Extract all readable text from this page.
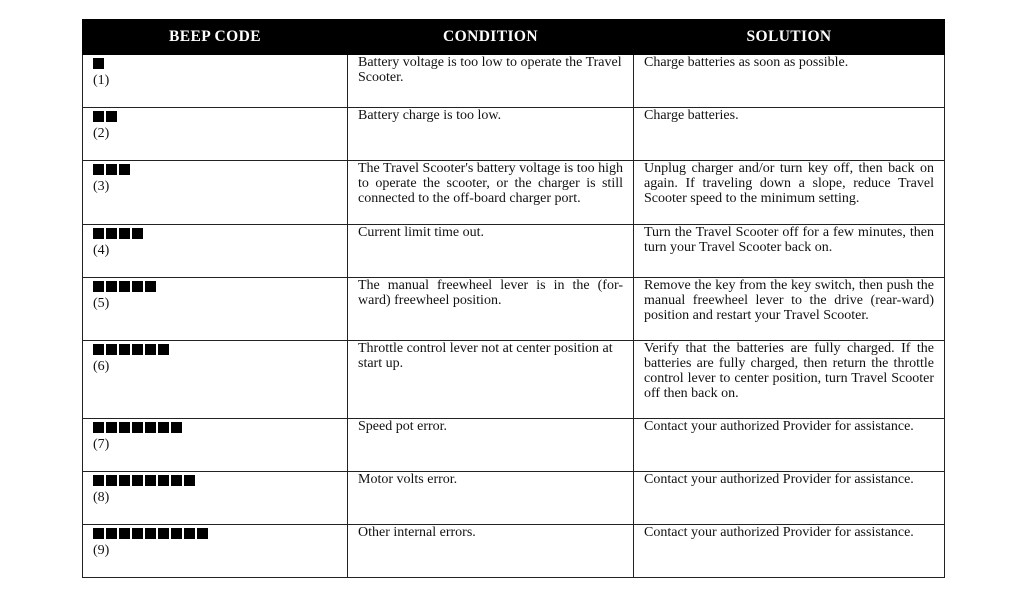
BEEP CODE	CONDITION	SOLUTION

(1)	Battery voltage is too low to operate the Travel Scooter.	Charge batteries as soon as possible.

(2)	Battery charge is too low.	Charge batteries.

(3)	The Travel Scooter's battery voltage is too high to operate the scooter, or the charger is still connected to the off-board charger port.	Unplug charger and/or turn key off, then back on again. If traveling down a slope, reduce Travel Scooter speed to the minimum setting.

(4)	Current limit time out.	Turn the Travel Scooter off for a few minutes, then turn your Travel Scooter back on.

(5)	The manual freewheel lever is in the (for-ward) freewheel position.	Remove the key from the key switch, then push the manual freewheel lever to the drive (rear-ward) position and restart your Travel Scooter.

(6)	Throttle control lever not at center position at start up.	Verify that the batteries are fully charged. If the batteries are fully charged, then return the throttle control lever to center position, turn Travel Scooter off then back on.

(7)	Speed pot error.	Contact your authorized Provider for assistance.

(8)	Motor volts error.	Contact your authorized Provider for assistance.

(9)	Other internal errors.	Contact your authorized Provider for assistance.
